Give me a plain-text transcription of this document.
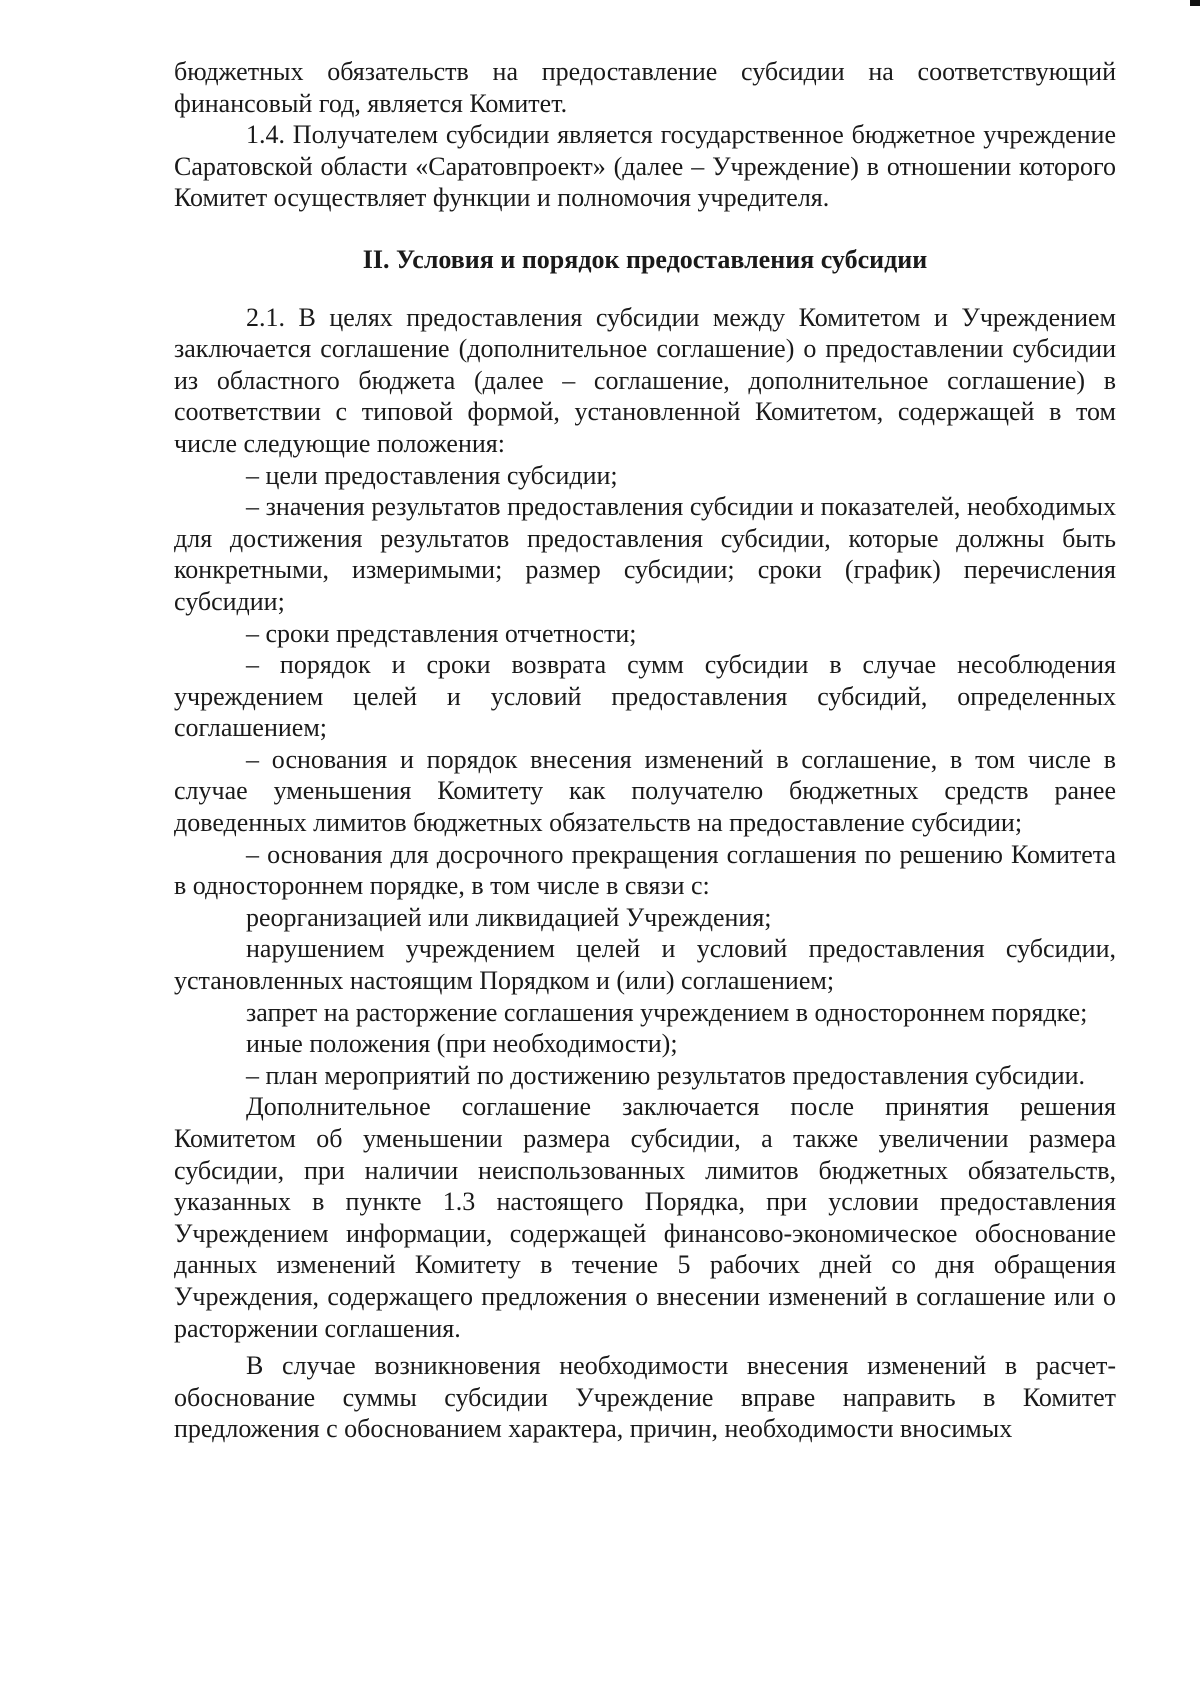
бюджетных обязательств на предоставление субсидии на соответствующий финансовый год, является Комитет.

1.4. Получателем субсидии является государственное бюджетное учреждение Саратовской области «Саратовпроект» (далее – Учреждение) в отношении которого Комитет осуществляет функции и полномочия учредителя.

II. Условия и порядок предоставления субсидии

2.1. В целях предоставления субсидии между Комитетом и Учреждением заключается соглашение (дополнительное соглашение) о предоставлении субсидии из областного бюджета (далее – соглашение, дополнительное соглашение) в соответствии с типовой формой, установленной Комитетом, содержащей в том числе следующие положения:

– цели предоставления субсидии;

– значения результатов предоставления субсидии и показателей, необходимых для достижения результатов предоставления субсидии, которые должны быть конкретными, измеримыми; размер субсидии; сроки (график) перечисления субсидии;

– сроки представления отчетности;

– порядок и сроки возврата сумм субсидии в случае несоблюдения учреждением целей и условий предоставления субсидий, определенных соглашением;

– основания и порядок внесения изменений в соглашение, в том числе в случае уменьшения Комитету как получателю бюджетных средств ранее доведенных лимитов бюджетных обязательств на предоставление субсидии;

– основания для досрочного прекращения соглашения по решению Комитета в одностороннем порядке, в том числе в связи с:

реорганизацией или ликвидацией Учреждения;

нарушением учреждением целей и условий предоставления субсидии, установленных настоящим Порядком и (или) соглашением;

запрет на расторжение соглашения учреждением в одностороннем порядке;

иные положения (при необходимости);

– план мероприятий по достижению результатов предоставления субсидии.

Дополнительное соглашение заключается после принятия решения Комитетом об уменьшении размера субсидии, а также увеличении размера субсидии, при наличии неиспользованных лимитов бюджетных обязательств, указанных в пункте 1.3 настоящего Порядка, при условии предоставления Учреждением информации, содержащей финансово-экономическое обоснование данных изменений Комитету в течение 5 рабочих дней со дня обращения Учреждения, содержащего предложения о внесении изменений в соглашение или о расторжении соглашения.

В случае возникновения необходимости внесения изменений в расчет-обоснование суммы субсидии Учреждение вправе направить в Комитет предложения с обоснованием характера, причин, необходимости вносимых
